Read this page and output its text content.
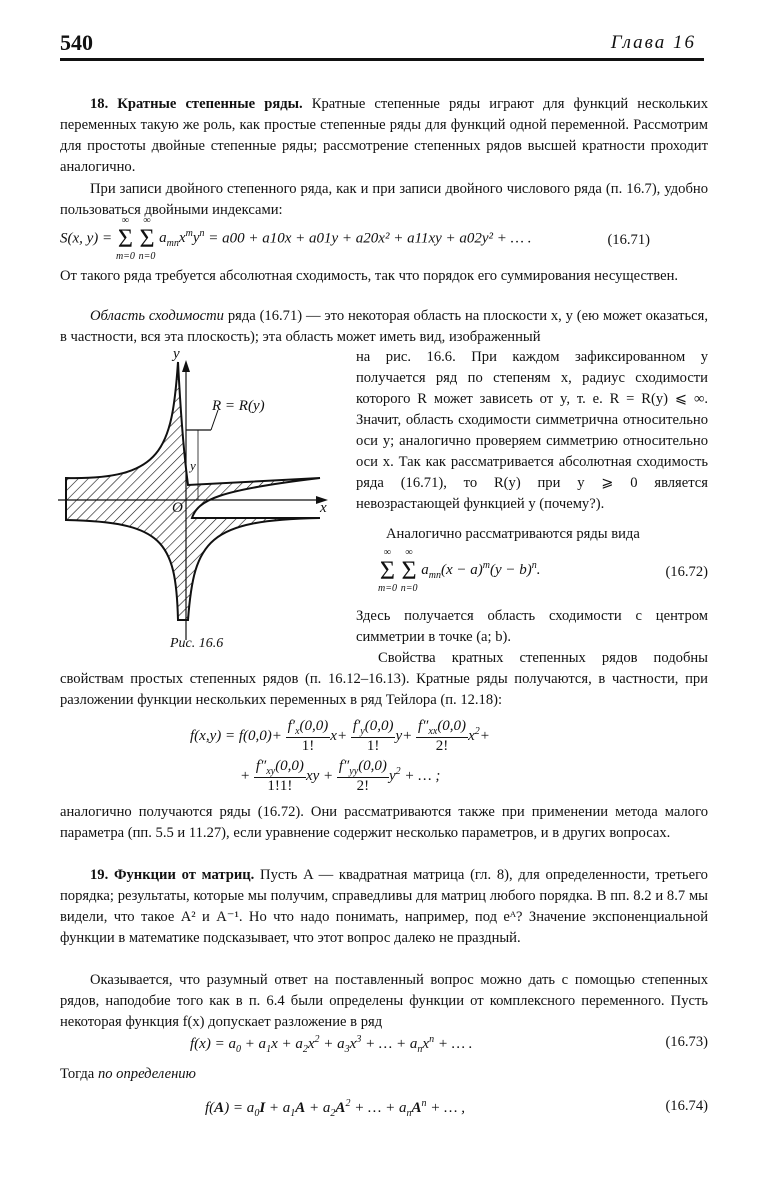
540	Глава 16
18. Кратные степенные ряды. Кратные степенные ряды играют для функций нескольких переменных такую же роль, как простые степенные ряды для функций одной переменной. Рассмотрим для простоты двойные степенные ряды; рассмотрение степенных рядов высшей кратности проходит аналогично.
При записи двойного степенного ряда, как и при записи двойного числового ряда (п. 16.7), удобно пользоваться двойными индексами:
S(x, y) =
∞
Σ
m=0

∞
Σ
n=0
$a_{mn}x^my^n = a00 + a10x + a01y + a20x^2 + a11xy + a02y^2$ + … .	(16.71)
От такого ряда требуется абсолютная сходимость, так что порядок его суммирования несуществен.
Область сходимости ряда (16.71) — это некоторая область на плоскости x, y (ею может оказаться, в частности, вся эта плоскость); эта область может иметь вид, изображенный
y
x
O
R = R(y)
y
Рис. 16.6
на рис. 16.6. При каждом зафиксированном y получается ряд по степеням x, радиус сходимости которого R может зависеть от y, т. е. R = R(y) ⩽ ∞. Значит, область сходимости симметрична относительно оси y; аналогично проверяем симметрию относительно оси x. Так как рассматривается абсолютная сходимость ряда (16.71), то R(y) при y ⩾ 0 является невозрастающей функцией y (почему?).
Аналогично рассматриваются ряды вида
∞
Σ
m=0

∞
Σ
n=0
$a_{mn}(x - a)^m(y - b)^n$.	(16.72)
Здесь получается область сходимости с центром симметрии в точке (a; b).
Свойства кратных степенных рядов подобны свойствам простых степенных рядов (п. 16.12–16.13). Кратные ряды получаются, в частности, при разложении функции нескольких переменных в ряд Тейлора (п. 12.18):
$f(x,y) = f(0,0)+ \frac{f'_x(0,0)}{1!} x+ \frac{f'_y(0,0)}{1!} y+ \frac{f''_{xx}(0,0)}{2!} x^2+$
+ $\frac{f''_{xy}(0,0)}{1!1!}$ xy + $\frac{f''_{yy}(0,0)}{2!} y^2$ + … ;
аналогично получаются ряды (16.72). Они рассматриваются также при применении метода малого параметра (пп. 5.5 и 11.27), если уравнение содержит несколько параметров, и в других вопросах.
19. Функции от матриц. Пусть A — квадратная матрица (гл. 8), для определенности, третьего порядка; результаты, которые мы получим, справедливы для матриц любого порядка. В пп. 8.2 и 8.7 мы видели, что такое A² и A⁻¹. Но что надо понимать, например, под eᴬ? Значение экспоненциальной функции в математике подсказывает, что этот вопрос далеко не праздный.
Оказывается, что разумный ответ на поставленный вопрос можно дать с помощью степенных рядов, наподобие того как в п. 6.4 были определены функции от комплексного переменного. Пусть некоторая функция f(x) допускает разложение в ряд
$f(x) = a_0 + a_1x + a_2x^2 + a_3x^3$ + … + $a_nx^n$ + … .	(16.73)
Тогда по определению
$f(A) = a_0I + a_1A + a_2A^2$ + … + $a_nA^n$ + … ,	(16.74)
